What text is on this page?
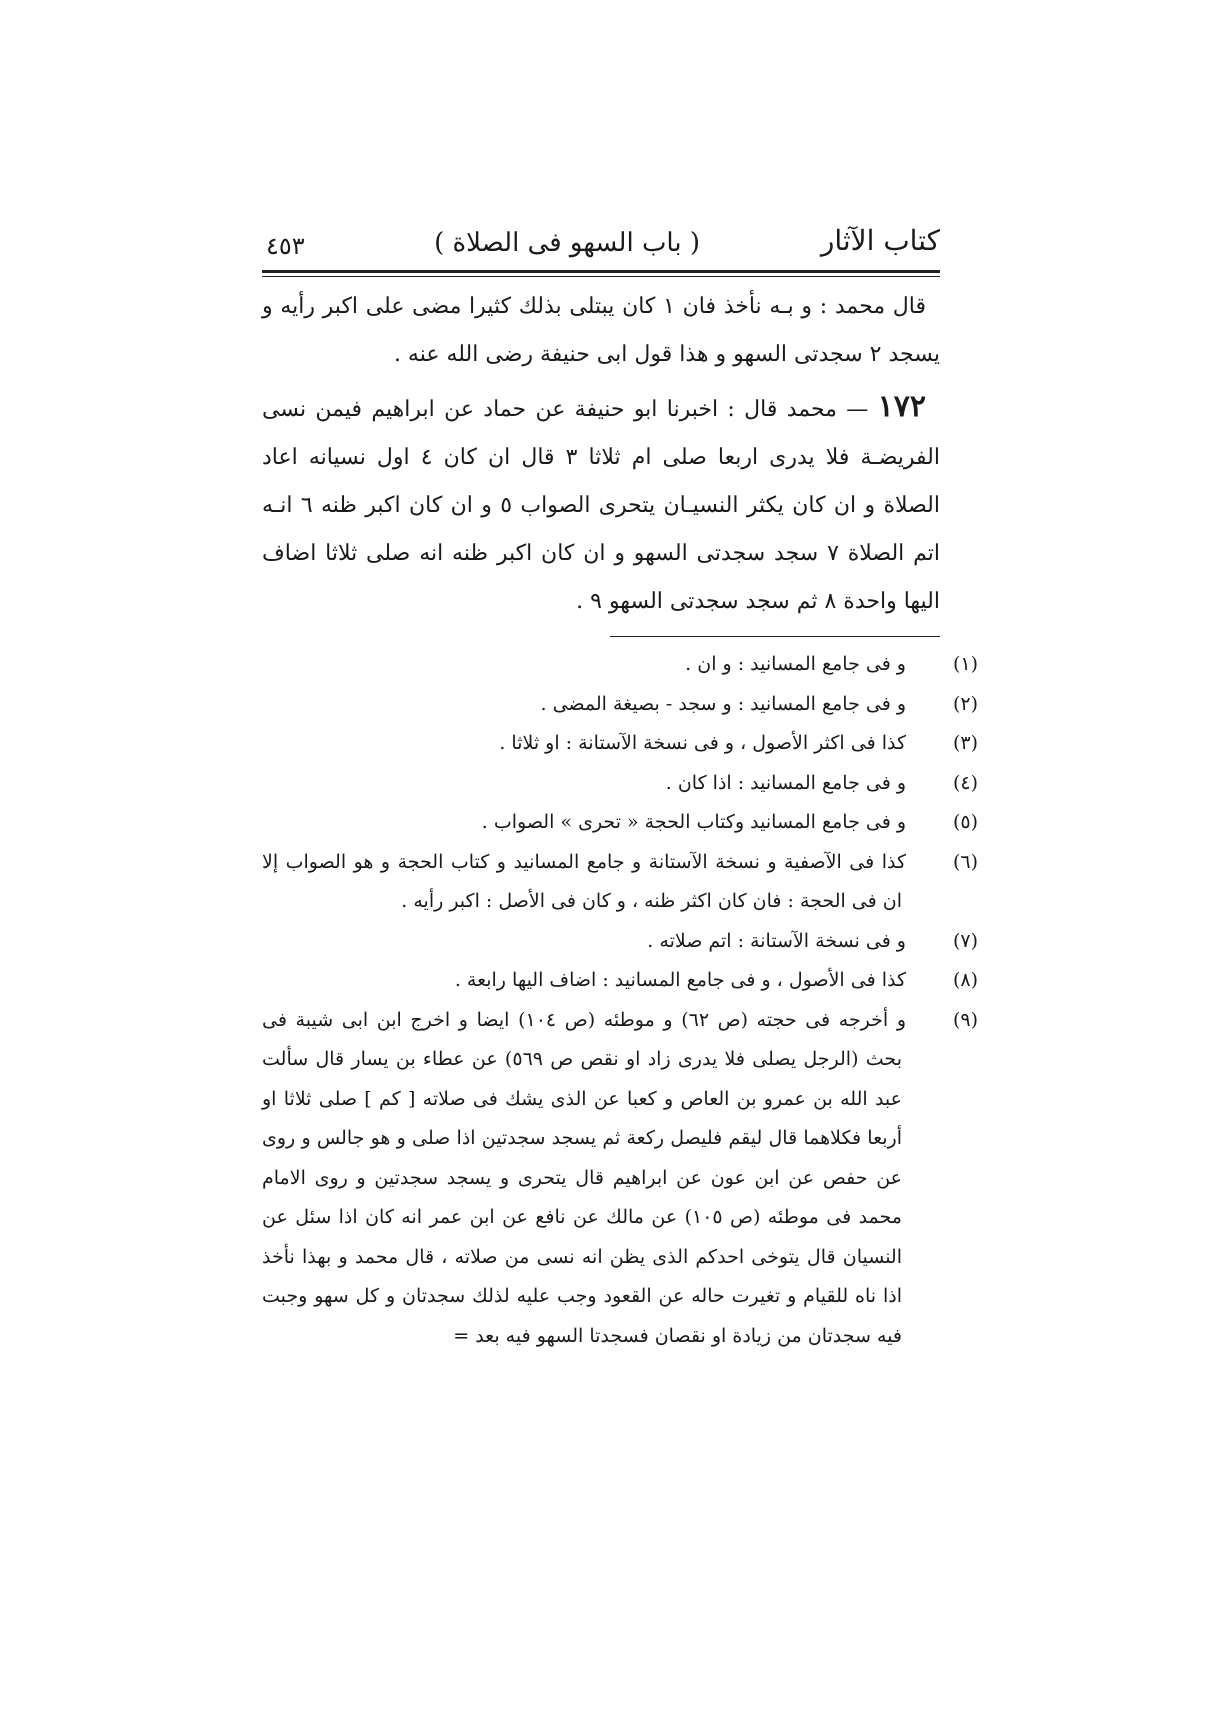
كتاب الآثار
( باب السهو فى الصلاة )
٤٥٣

قال محمد : و بـه نأخذ فان ١ كان يبتلى بذلك كثيرا مضى على اكبر رأيه و يسجد ٢ سجدتى السهو و هذا قول ابى حنيفة رضى الله عنه .

١٧٢ — محمد قال : اخبرنا ابو حنيفة عن حماد عن ابراهيم فيمن نسى الفريضـة فلا يدرى اربعا صلى ام ثلاثا ٣ قال ان كان ٤ اول نسيانه اعاد الصلاة و ان كان يكثر النسيـان يتحرى الصواب ٥ و ان كان اكبر ظنه ٦ انـه اتم الصلاة ٧ سجد سجدتى السهو و ان كان اكبر ظنه انه صلى ثلاثا اضاف اليها واحدة ٨ ثم سجد سجدتى السهو ٩ .

(١)و فى جامع المسانيد : و ان .

(٢)و فى جامع المسانيد : و سجد - بصيغة المضى .

(٣)كذا فى اكثر الأصول ، و فى نسخة الآستانة : او ثلاثا .

(٤)و فى جامع المسانيد : اذا كان .

(٥)و فى جامع المسانيد وكتاب الحجة « تحرى » الصواب .

(٦)كذا فى الآصفية و نسخة الآستانة و جامع المسانيد و كتاب الحجة و هو الصواب إلا ان فى الحجة : فان كان اكثر ظنه ، و كان فى الأصل : اكبر رأيه .

(٧)و فى نسخة الآستانة : اتم صلاته .

(٨)كذا فى الأصول ، و فى جامع المسانيد : اضاف اليها رابعة .

(٩)و أخرجه فى حجته (ص ٦٢) و موطئه (ص ١٠٤) ايضا و اخرج ابن ابى شيبة فى بحث (الرجل يصلى فلا يدرى زاد او نقص ص ٥٦٩) عن عطاء بن يسار قال سألت عبد الله بن عمرو بن العاص و كعبا عن الذى يشك فى صلاته [ كم ] صلى ثلاثا او أربعا فكلاهما قال ليقم فليصل ركعة ثم يسجد سجدتين اذا صلى و هو جالس و روى عن حفص عن ابن عون عن ابراهيم قال يتحرى و يسجد سجدتين و روى الامام محمد فى موطئه (ص ١٠٥) عن مالك عن نافع عن ابن عمر انه كان اذا سئل عن النسيان قال يتوخى احدكم الذى يظن انه نسى من صلاته ، قال محمد و بهذا نأخذ اذا ناه للقيام و تغيرت حاله عن القعود وجب عليه لذلك سجدتان و كل سهو وجبت فيه سجدتان من زيادة او نقصان فسجدتا السهو فيه بعد =
